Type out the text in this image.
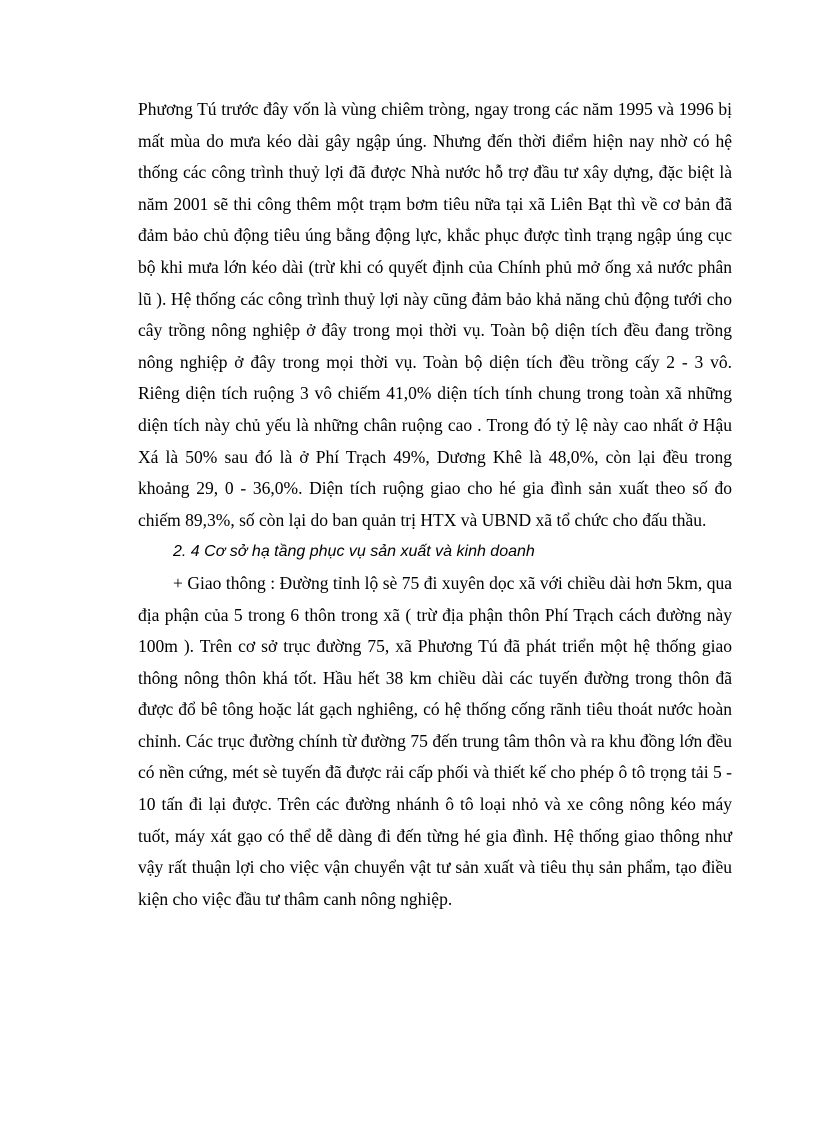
Phương Tú trước đây vốn là vùng chiêm tròng, ngay trong các năm 1995 và 1996 bị mất mùa do mưa kéo dài gây ngập úng. Nhưng đến thời điểm hiện nay nhờ có hệ thống các công trình thuỷ lợi đã được Nhà nước hỗ trợ đầu tư xây dựng, đặc biệt là năm 2001 sẽ thi công thêm một trạm bơm tiêu nữa tại xã Liên Bạt thì về cơ bản đã đảm bảo chủ động tiêu úng bằng động lực, khắc phục được tình trạng ngập úng cục bộ khi mưa lớn kéo dài (trừ khi có quyết định của Chính phủ mở ống xả nước phân lũ ). Hệ thống các công trình thuỷ lợi này cũng đảm bảo khả năng chủ động tưới cho cây trồng nông nghiệp ở đây trong mọi thời vụ. Toàn bộ diện tích đều đang trồng nông nghiệp ở đây trong mọi thời vụ. Toàn bộ diện tích đều trồng cấy 2 - 3 vô. Riêng diện tích ruộng 3 vô chiếm 41,0% diện tích tính chung trong toàn xã những diện tích này chủ yếu là những chân ruộng cao . Trong đó tỷ lệ này cao nhất ở Hậu Xá là 50% sau đó là ở Phí Trạch 49%, Dương Khê là 48,0%, còn lại đều trong khoảng 29, 0 - 36,0%. Diện tích ruộng giao cho hé gia đình sản xuất theo số đo chiếm 89,3%, số còn lại do ban quản trị HTX và UBND xã tổ chức cho đấu thầu.

2. 4 Cơ sở hạ tầng phục vụ sản xuất và kinh doanh

+ Giao thông : Đường tỉnh lộ sè 75 đi xuyên dọc xã với chiều dài hơn 5km, qua địa phận của 5 trong 6 thôn trong xã ( trừ địa phận thôn Phí Trạch cách đường này 100m ). Trên cơ sở trục đường 75, xã Phương Tú đã phát triển một hệ thống giao thông nông thôn khá tốt. Hầu hết 38 km chiều dài các tuyến đường trong thôn đã được đổ bê tông hoặc lát gạch nghiêng, có hệ thống cống rãnh tiêu thoát nước hoàn chỉnh. Các trục đường chính từ đường 75 đến trung tâm thôn và ra khu đồng lớn đều có nền cứng, mét sè tuyến đã được rải cấp phối và thiết kế cho phép ô tô trọng tải 5 - 10 tấn đi lại được. Trên các đường nhánh ô tô loại nhỏ và xe công nông kéo máy tuốt, máy xát gạo có thể dễ dàng đi đến từng hé gia đình. Hệ thống giao thông như vậy rất thuận lợi cho việc vận chuyển vật tư sản xuất và tiêu thụ sản phẩm, tạo điều kiện cho việc đầu tư thâm canh nông nghiệp.
